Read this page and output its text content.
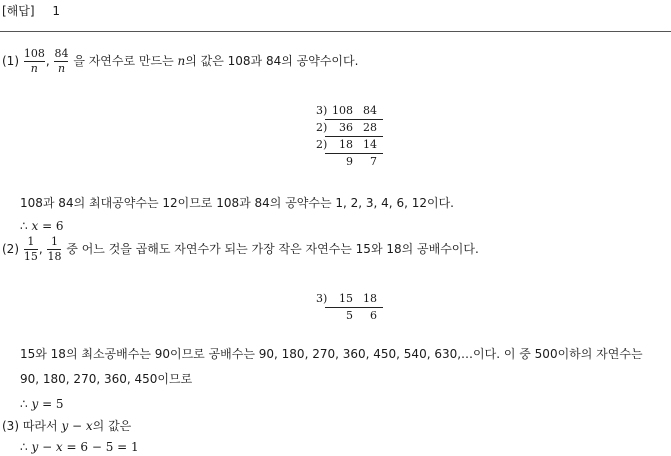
[해답] 1
$(1) \frac{108}{n}$ , $\frac{84}{n}$ 을 자연수로 만드는 n의 값은 108과 84의 공약수이다.
3 ) 108 84
2 )	36 28
2 )	18 14
9	7
108과 84의 최대공약수는 12이므로 108과 84의 공약수는 1, 2, 3, 4, 6, 12이다.
∴ x = 6
$(2) \frac{1}{15}$ , $\frac{1}{18}$ 중 어느 것을 곱해도 자연수가 되는 가장 작은 자연수는 15와 18의 공배수이다.
3 )	15 18
5	6
15와 18의 최소공배수는 90이므로 공배수는 90, 180, 270, 360, 450, 540, 630,…이다. 이 중 500이하의 자연수는
90, 180, 270, 360, 450이므로
∴ y = 5
(3) 따라서 y − x의 값은
∴ y − x = 6 − 5 = 1
